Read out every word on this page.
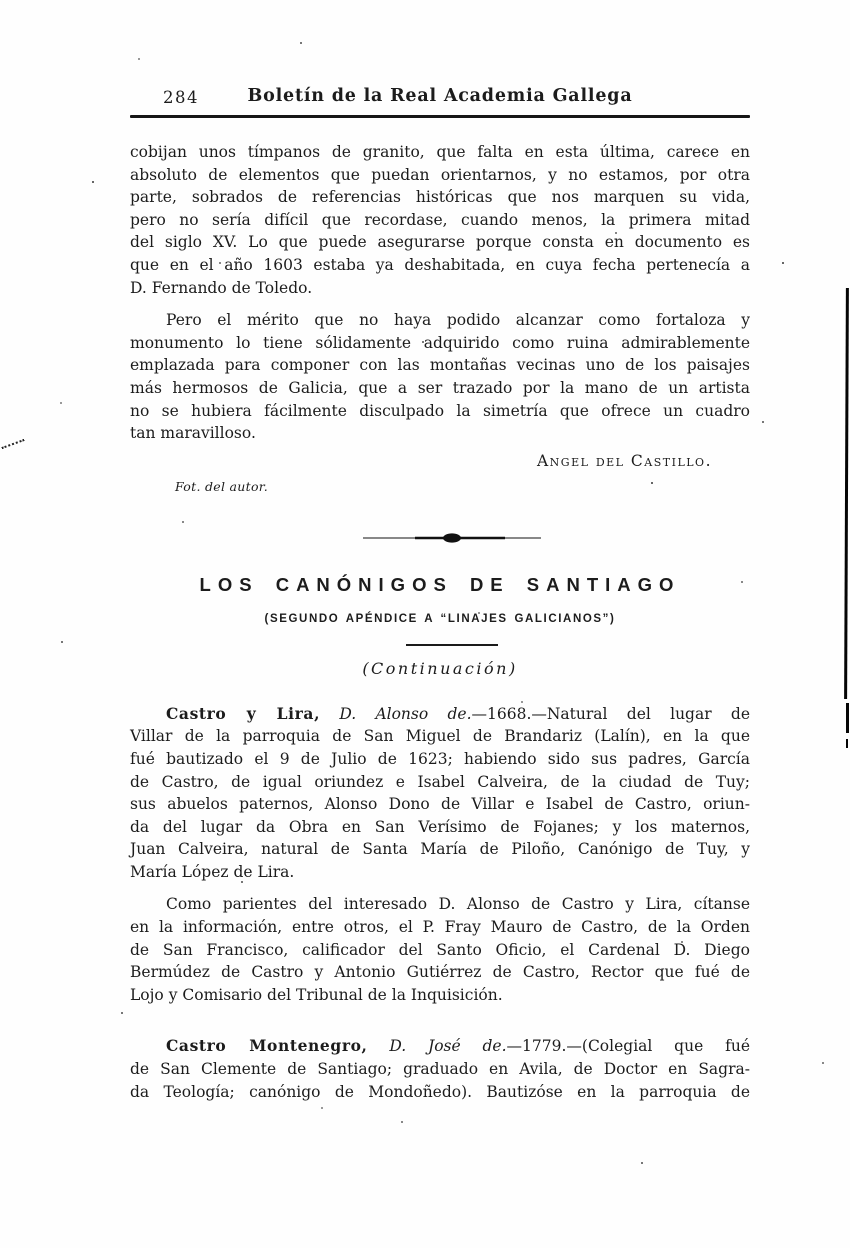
284	Boletín de la Real Academia Gallega
cobijan unos tímpanos de granito, que falta en esta última, carece en
absoluto de elementos que puedan orientarnos, y no estamos, por otra
parte, sobrados de referencias históricas que nos marquen su vida,
pero no sería difícil que recordase, cuando menos, la primera mitad
del siglo XV. Lo que puede asegurarse porque consta en documento es
que en el año 1603 estaba ya deshabitada, en cuya fecha pertenecía a
D. Fernando de Toledo.
Pero el mérito que no haya podido alcanzar como fortaloza y
monumento lo tiene sólidamente adquirido como ruina admirablemente
emplazada para componer con las montañas vecinas uno de los paisajes
más hermosos de Galicia, que a ser trazado por la mano de un artista
no se hubiera fácilmente disculpado la simetría que ofrece un cuadro
tan maravilloso.
Angel del Castillo.
Fot. del autor.
LOS CANÓNIGOS DE SANTIAGO
(SEGUNDO APÉNDICE A “LINAJES GALICIANOS”)
(Continuación)
Castro y Lira, D. Alonso de.—1668.—Natural del lugar de
Villar de la parroquia de San Miguel de Brandariz (Lalín), en la que
fué bautizado el 9 de Julio de 1623; habiendo sido sus padres, García
de Castro, de igual oriundez e Isabel Calveira, de la ciudad de Tuy;
sus abuelos paternos, Alonso Dono de Villar e Isabel de Castro, oriun-
da del lugar da Obra en San Verísimo de Fojanes; y los maternos,
Juan Calveira, natural de Santa María de Piloño, Canónigo de Tuy, y
María López de Lira.
Como parientes del interesado D. Alonso de Castro y Lira, cítanse
en la información, entre otros, el P. Fray Mauro de Castro, de la Orden
de San Francisco, calificador del Santo Oficio, el Cardenal D. Diego
Bermúdez de Castro y Antonio Gutiérrez de Castro, Rector que fué de
Lojo y Comisario del Tribunal de la Inquisición.
Castro Montenegro, D. José de.—1779.—(Colegial que fué
de San Clemente de Santiago; graduado en Avila, de Doctor en Sagra-
da Teología; canónigo de Mondoñedo). Bautizóse en la parroquia de
